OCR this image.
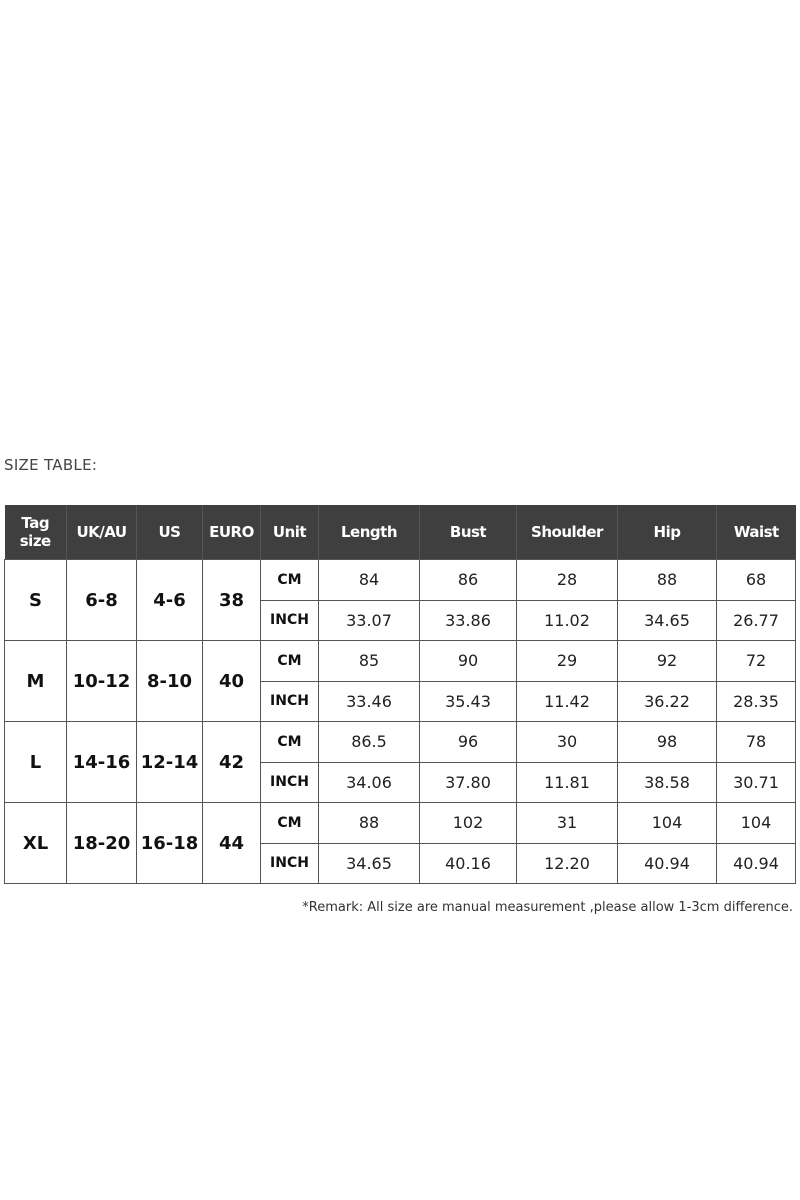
SIZE TABLE:
Tag size	UK/AU	US	EURO	Unit	Length	Bust	Shoulder	Hip	Waist
S	6-8	4-6	38	CM	84	86	28	88	68
				INCH	33.07	33.86	11.02	34.65	26.77
M	10-12	8-10	40	CM	85	90	29	92	72
				INCH	33.46	35.43	11.42	36.22	28.35
L	14-16	12-14	42	CM	86.5	96	30	98	78
				INCH	34.06	37.80	11.81	38.58	30.71
XL	18-20	16-18	44	CM	88	102	31	104	104
				INCH	34.65	40.16	12.20	40.94	40.94
*Remark: All size are manual measurement ,please allow 1-3cm difference.
